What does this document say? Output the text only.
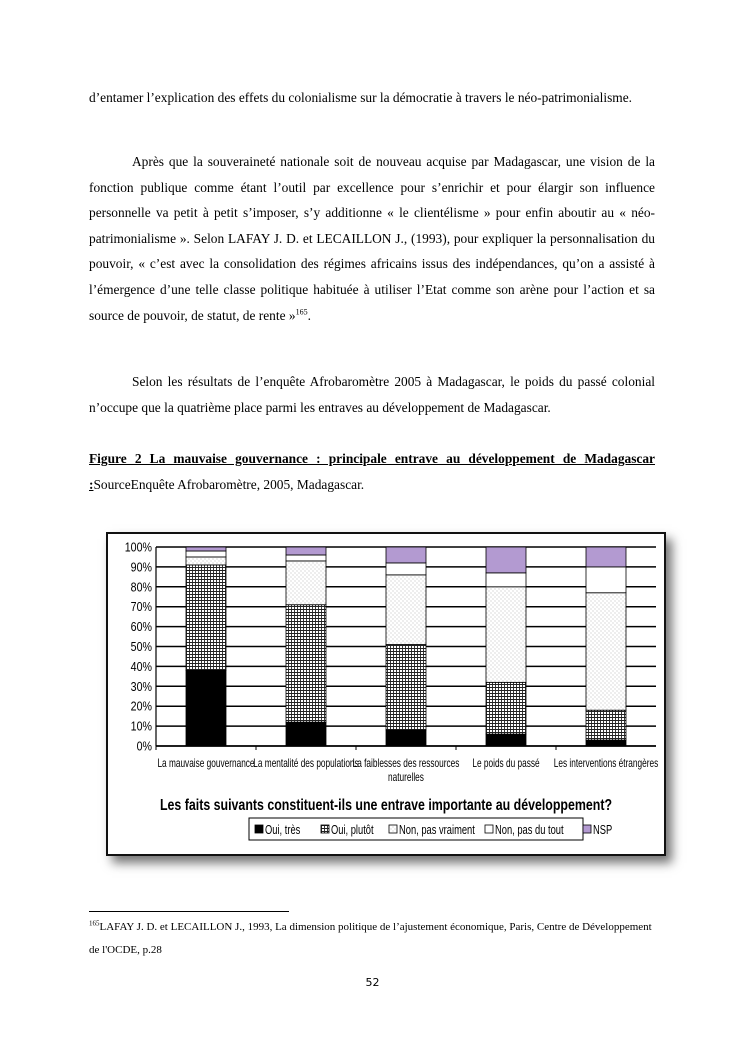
d’entamer l’explication des effets du colonialisme sur la démocratie à travers le néo-patrimonialisme.

Après que la souveraineté nationale soit de nouveau acquise par Madagascar, une vision de la fonction publique comme étant l’outil par excellence pour s’enrichir et pour élargir son influence personnelle va petit à petit s’imposer, s’y additionne « le clientélisme » pour enfin aboutir au « néo-patrimonialisme ». Selon LAFAY J. D. et LECAILLON J., (1993), pour expliquer la personnalisation du pouvoir, « c’est avec la consolidation des régimes africains issus des indépendances, qu’on a assisté à l’émergence d’une telle classe politique habituée à utiliser l’Etat comme son arène pour l’action et sa source de pouvoir, de statut, de rente »$^{165}$.

Selon les résultats de l’enquête Afrobaromètre 2005 à Madagascar, le poids du passé colonial n’occupe que la quatrième place parmi les entraves au développement de Madagascar.

Figure 2 La mauvaise gouvernance : principale entrave au développement de Madagascar :SourceEnquête Afrobaromètre, 2005, Madagascar.

0%
10%
20%
30%
40%
50%
60%
70%
80%
90%
100%
La mauvaise gouvernance
La mentalité des populations
La faiblesses des ressources
naturelles
Le poids du passé Les interventions étrangères
Les faits suivants constituent-ils une entrave importante au développement?
Oui, très Oui, plutôt Non, pas vraiment Non, pas du tout NSP

$^{165}$LAFAY J. D. et LECAILLON J., 1993, La dimension politique de l’ajustement économique, Paris, Centre de Développement de l'OCDE, p.28

52
